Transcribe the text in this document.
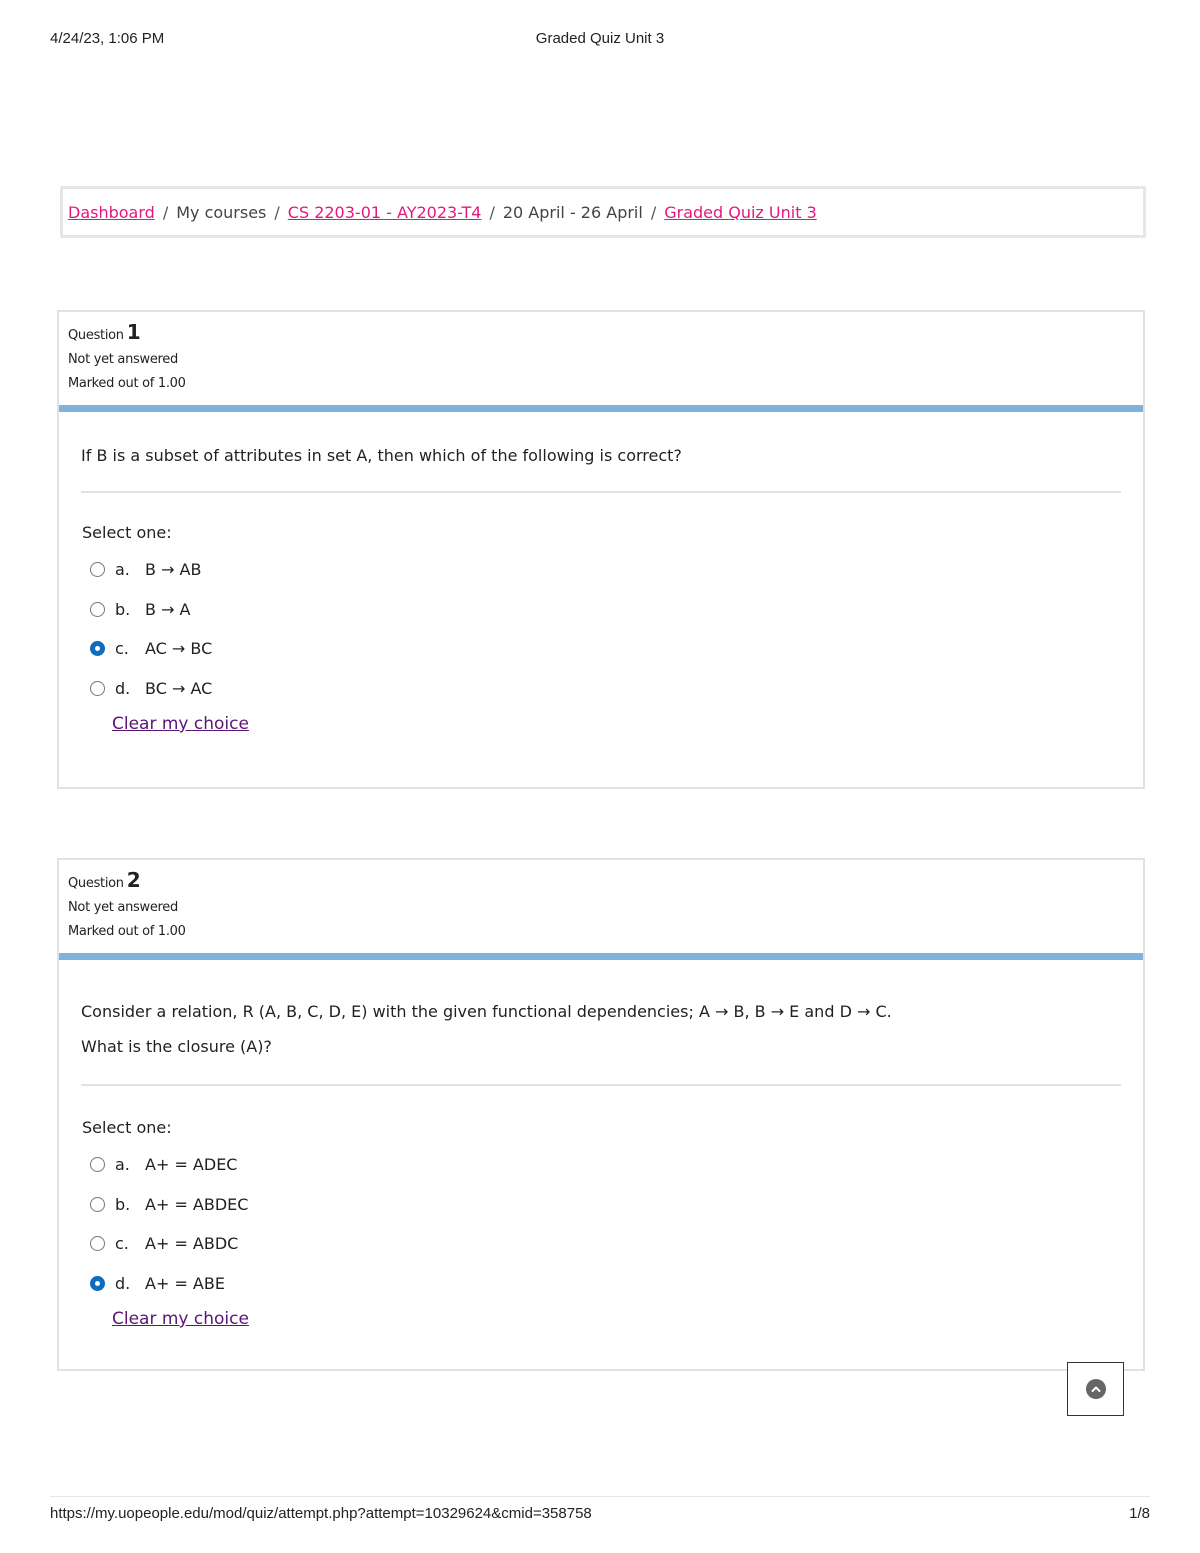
4/24/23, 1:06 PM	Graded Quiz Unit 3
Dashboard / My courses / CS 2203-01 - AY2023-T4 / 20 April - 26 April / Graded Quiz Unit 3
Question 1
Not yet answered
Marked out of 1.00

If B is a subset of attributes in set A, then which of the following is correct?

Select one:
a. B → AB
b. B → A
c.	AC → BC
d. BC → AC
Clear my choice
Question 2
Not yet answered
Marked out of 1.00

Consider a relation, R (A, B, C, D, E) with the given functional dependencies; A → B, B → E and D → C.

What is the closure (A)?

Select one:
a. A+ = ADEC
b. A+ = ABDEC
c.	A+ = ABDC
d. A+ = ABE
Clear my choice
https://my.uopeople.edu/mod/quiz/attempt.php?attempt=10329624&cmid=358758	1/8
